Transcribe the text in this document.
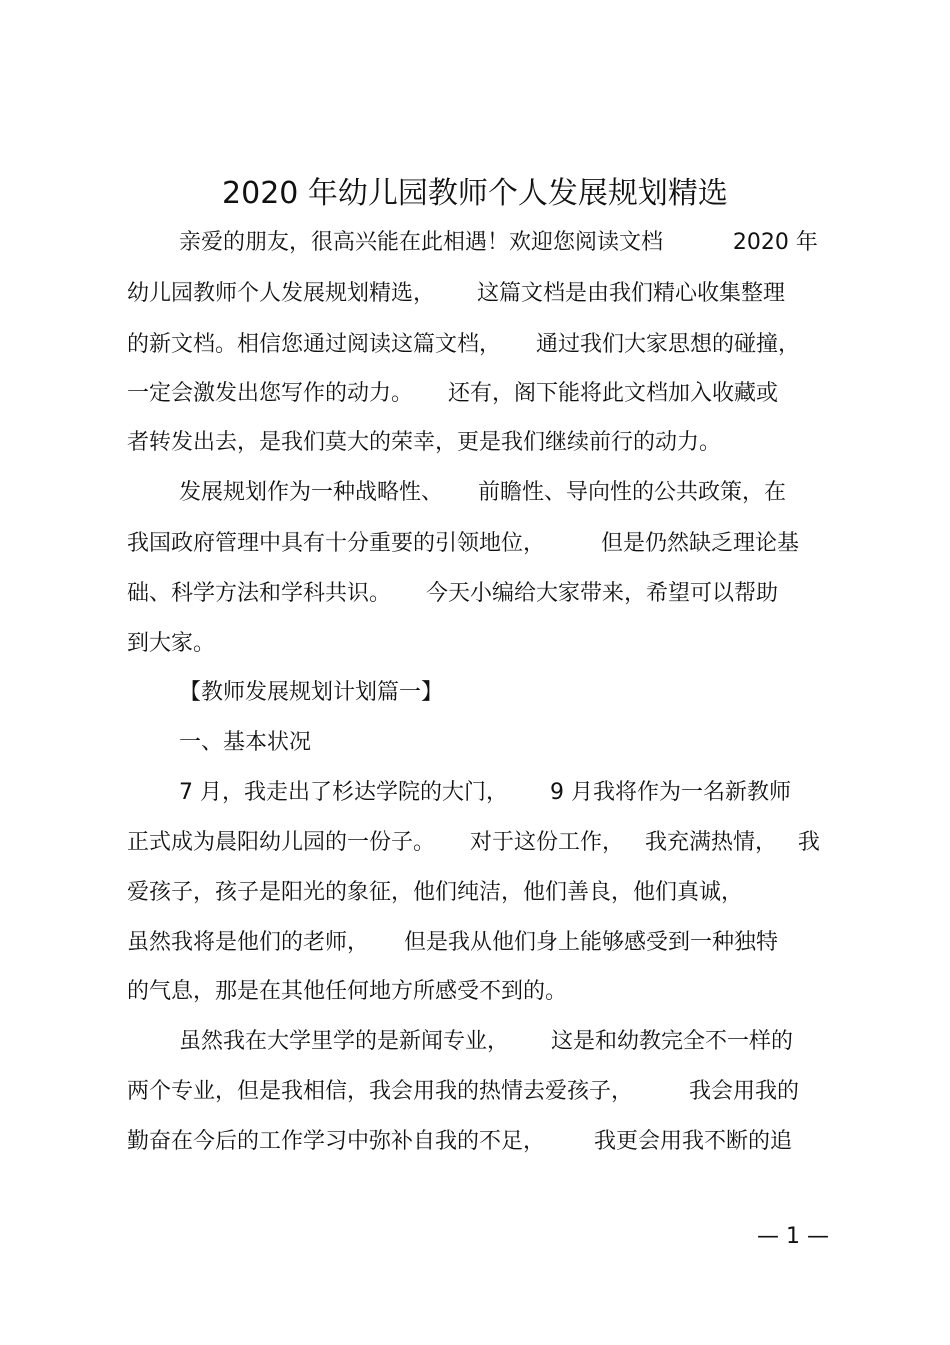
2020 年幼儿园教师个人发展规划精选
亲爱的朋友，很高兴能在此相遇！欢迎您阅读文档          2020 年
幼儿园教师个人发展规划精选，      这篇文档是由我们精心收集整理
的新文档。相信您通过阅读这篇文档，     通过我们大家思想的碰撞，
一定会激发出您写作的动力。     还有，阁下能将此文档加入收藏或
者转发出去，是我们莫大的荣幸，更是我们继续前行的动力。
发展规划作为一种战略性、     前瞻性、导向性的公共政策，在
我国政府管理中具有十分重要的引领地位，        但是仍然缺乏理论基
础、科学方法和学科共识。     今天小编给大家带来，希望可以帮助
到大家。
【教师发展规划计划篇一】
一、基本状况
7 月，我走出了杉达学院的大门，      9 月我将作为一名新教师
正式成为晨阳幼儿园的一份子。     对于这份工作，   我充满热情，   我
爱孩子，孩子是阳光的象征，他们纯洁，他们善良，他们真诚，
虽然我将是他们的老师，     但是我从他们身上能够感受到一种独特
的气息，那是在其他任何地方所感受不到的。
虽然我在大学里学的是新闻专业，      这是和幼教完全不一样的
两个专业，但是我相信，我会用我的热情去爱孩子，        我会用我的
勤奋在今后的工作学习中弥补自我的不足，       我更会用我不断的追
— 1 —
